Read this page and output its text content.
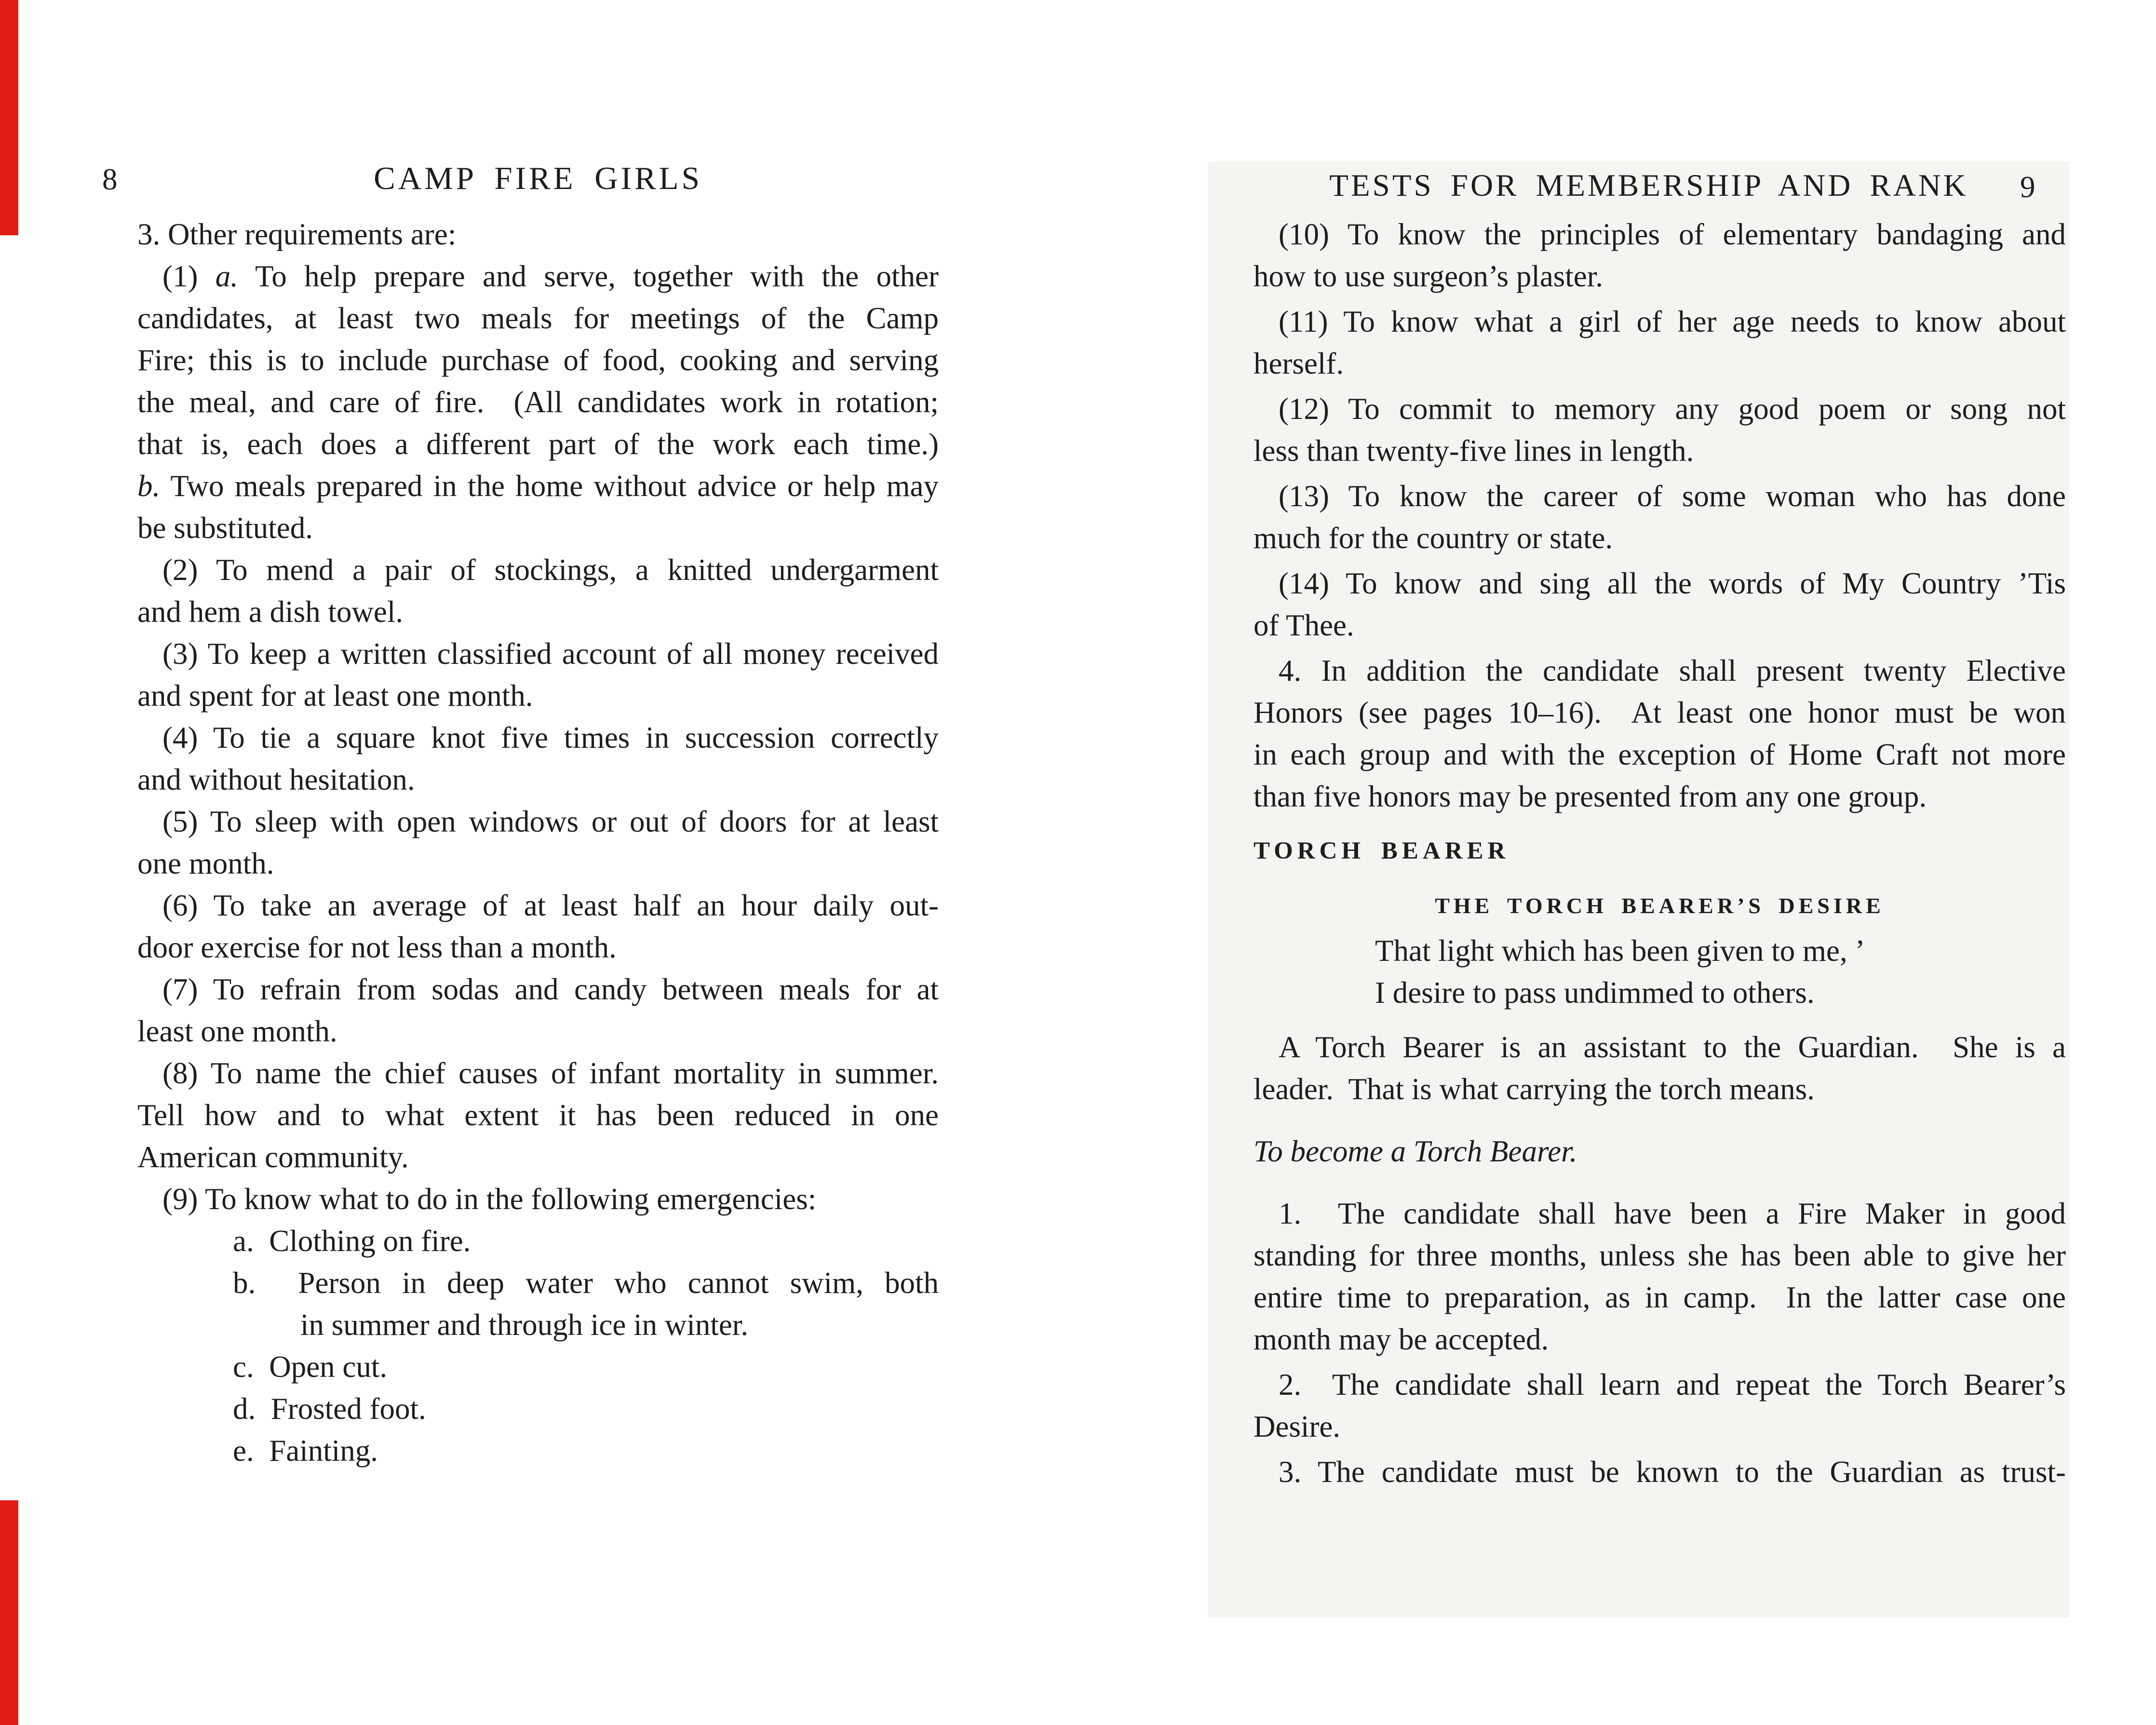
8	CAMP FIRE GIRLS
3. Other requirements are:
(1) a. To help prepare and serve, together with the other
candidates, at least two meals for meetings of the Camp
Fire; this is to include purchase of food, cooking and serving
the meal, and care of fire.  (All candidates work in rotation;
that is, each does a different part of the work each time.)
b. Two meals prepared in the home without advice or help may
be substituted.
(2) To mend a pair of stockings, a knitted undergarment
and hem a dish towel.
(3) To keep a written classified account of all money received
and spent for at least one month.
(4) To tie a square knot five times in succession correctly
and without hesitation.
(5) To sleep with open windows or out of doors for at least
one month.
(6) To take an average of at least half an hour daily out-
door exercise for not less than a month.
(7) To refrain from sodas and candy between meals for at
least one month.
(8) To name the chief causes of infant mortality in summer.
Tell how and to what extent it has been reduced in one
American community.
(9) To know what to do in the following emergencies:
a.  Clothing on fire.
b.  Person in deep water who cannot swim, both
in summer and through ice in winter.
c.  Open cut.
d.  Frosted foot.
e.  Fainting.
TESTS FOR MEMBERSHIP AND RANK	9
(10) To know the principles of elementary bandaging and
how to use surgeon’s plaster.
(11) To know what a girl of her age needs to know about
herself.
(12) To commit to memory any good poem or song not
less than twenty-five lines in length.
(13) To know the career of some woman who has done
much for the country or state.
(14) To know and sing all the words of My Country ’Tis
of Thee.
4. In addition the candidate shall present twenty Elective
Honors (see pages 10–16).  At least one honor must be won
in each group and with the exception of Home Craft not more
than five honors may be presented from any one group.
TORCH BEARER
THE TORCH BEARER’S DESIRE
That light which has been given to me, ’
I desire to pass undimmed to others.
A Torch Bearer is an assistant to the Guardian.  She is a
leader.  That is what carrying the torch means.
To become a Torch Bearer.
1.  The candidate shall have been a Fire Maker in good
standing for three months, unless she has been able to give her
entire time to preparation, as in camp.  In the latter case one
month may be accepted.
2.  The candidate shall learn and repeat the Torch Bearer’s
Desire.
3. The candidate must be known to the Guardian as trust-
